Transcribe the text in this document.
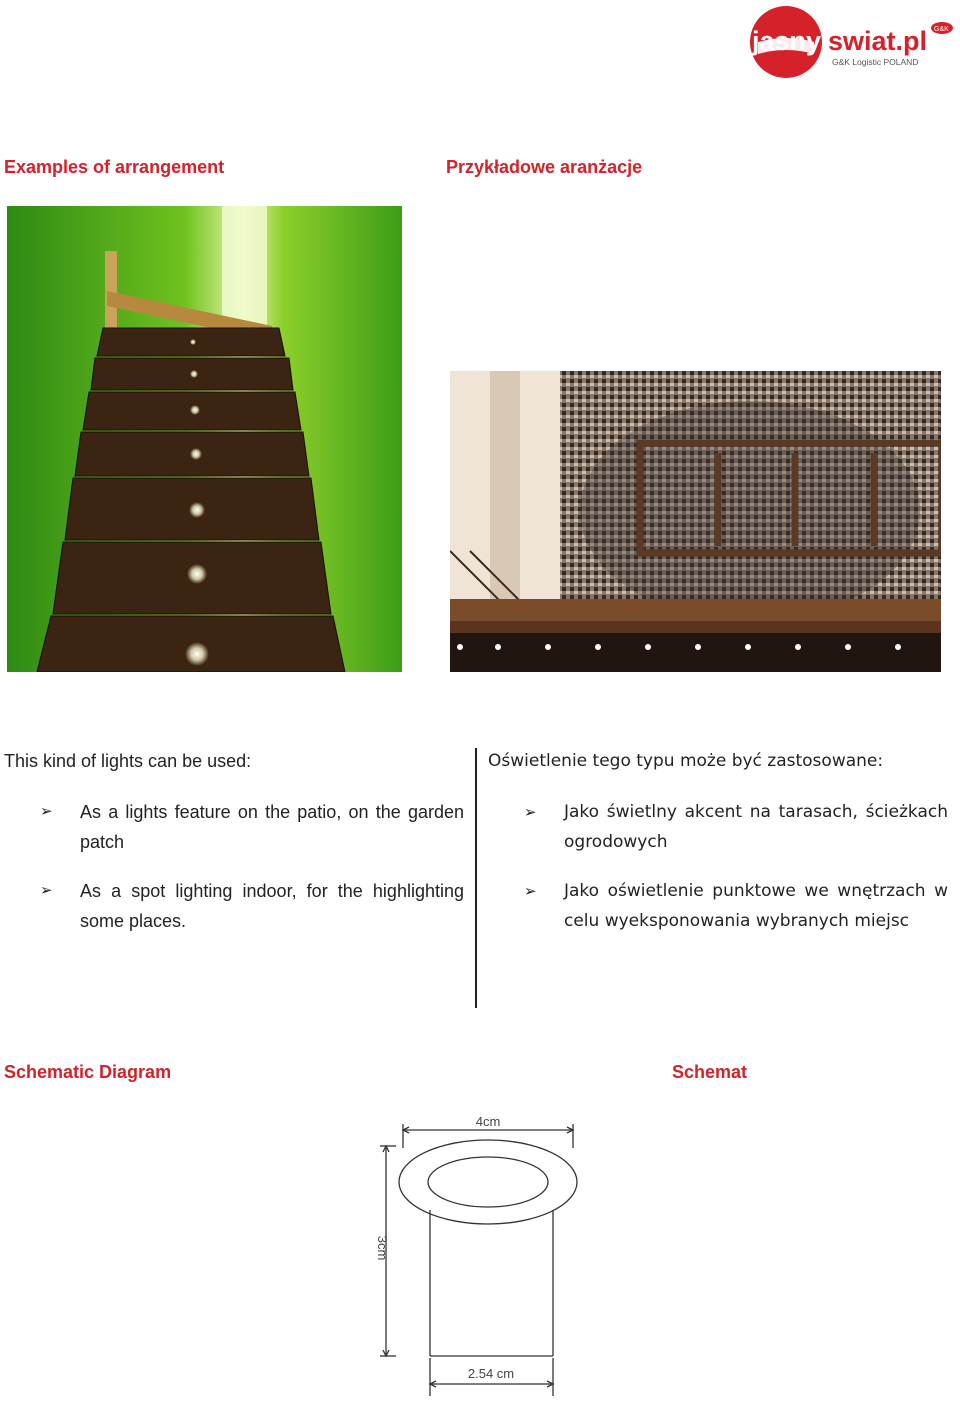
jasny swiat.pl G&K
G&K Logistic POLAND
Examples of arrangement	Przykładowe aranżacje
This kind of lights can be used:
➢	As a lights feature on the patio, on the garden patch
➢	As a spot lighting indoor, for the highlighting some places.
Oświetlenie tego typu może być zastosowane:
➢	Jako świetlny akcent na tarasach, ścieżkach ogrodowych
➢	Jako oświetlenie punktowe we wnętrzach w celu wyeksponowania wybranych miejsc
Schematic Diagram	Schemat
4cm
3cm
2.54 cm
